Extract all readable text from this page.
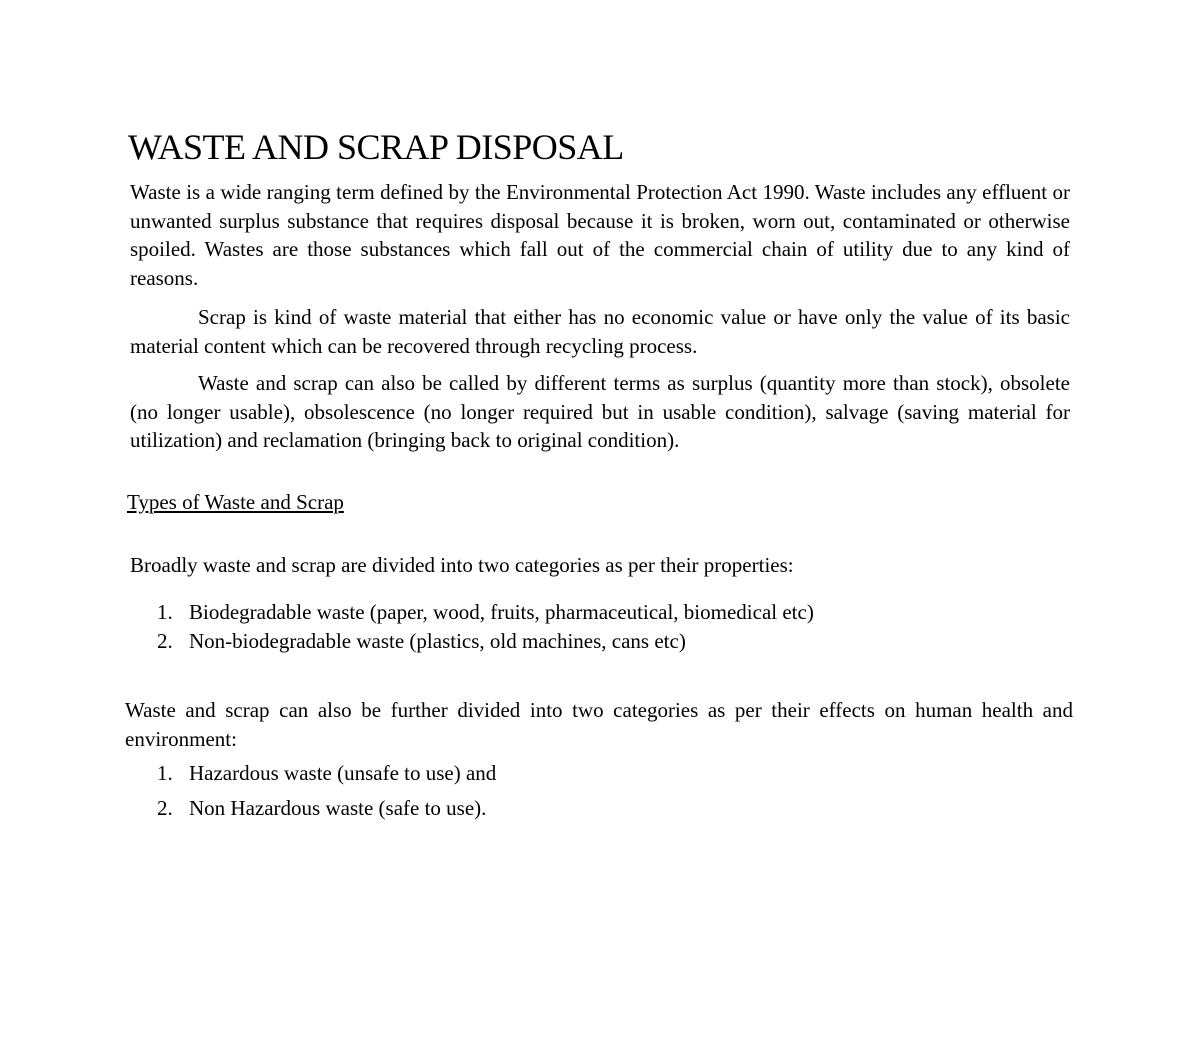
WASTE AND SCRAP DISPOSAL

Waste is a wide ranging term defined by the Environmental Protection Act 1990. Waste includes any effluent or unwanted surplus substance that requires disposal because it is broken, worn out, contaminated or otherwise spoiled. Wastes are those substances which fall out of the commercial chain of utility due to any kind of reasons.

Scrap is kind of waste material that either has no economic value or have only the value of its basic material content which can be recovered through recycling process.

Waste and scrap can also be called by different terms as surplus (quantity more than stock), obsolete (no longer usable), obsolescence (no longer required but in usable condition), salvage (saving material for utilization) and reclamation (bringing back to original condition).

Types of Waste and Scrap

Broadly waste and scrap are divided into two categories as per their properties:

1. Biodegradable waste (paper, wood, fruits, pharmaceutical, biomedical etc)
2. Non-biodegradable waste (plastics, old machines, cans etc)

Waste and scrap can also be further divided into two categories as per their effects on human health and environment:

1. Hazardous waste (unsafe to use) and
2. Non Hazardous waste (safe to use).
